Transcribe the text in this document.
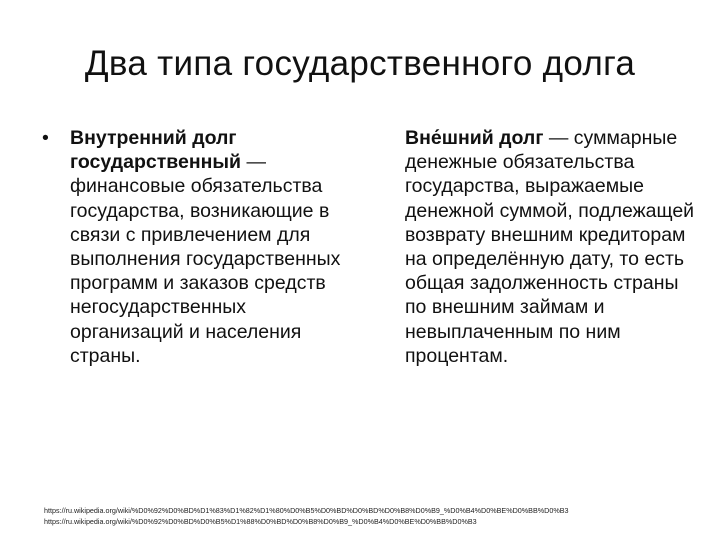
Два типа государственного долга
• Внутренний долг государственный — финансовые обязательства государства, возникающие в связи с привлечением для выполнения государственных программ и заказов средств негосударственных организаций и населения страны.
Вне́шний долг — суммарные денежные обязательства государства, выражаемые денежной суммой, подлежащей возврату внешним кредиторам на определённую дату, то есть общая задолженность страны по внешним займам и невыплаченным по ним процентам.
https://ru.wikipedia.org/wiki/%D0%92%D0%BD%D1%83%D1%82%D1%80%D0%B5%D0%BD%D0%BD%D0%B8%D0%B9_%D0%B4%D0%BE%D0%BB%D0%B3
https://ru.wikipedia.org/wiki/%D0%92%D0%BD%D0%B5%D1%88%D0%BD%D0%B8%D0%B9_%D0%B4%D0%BE%D0%BB%D0%B3
